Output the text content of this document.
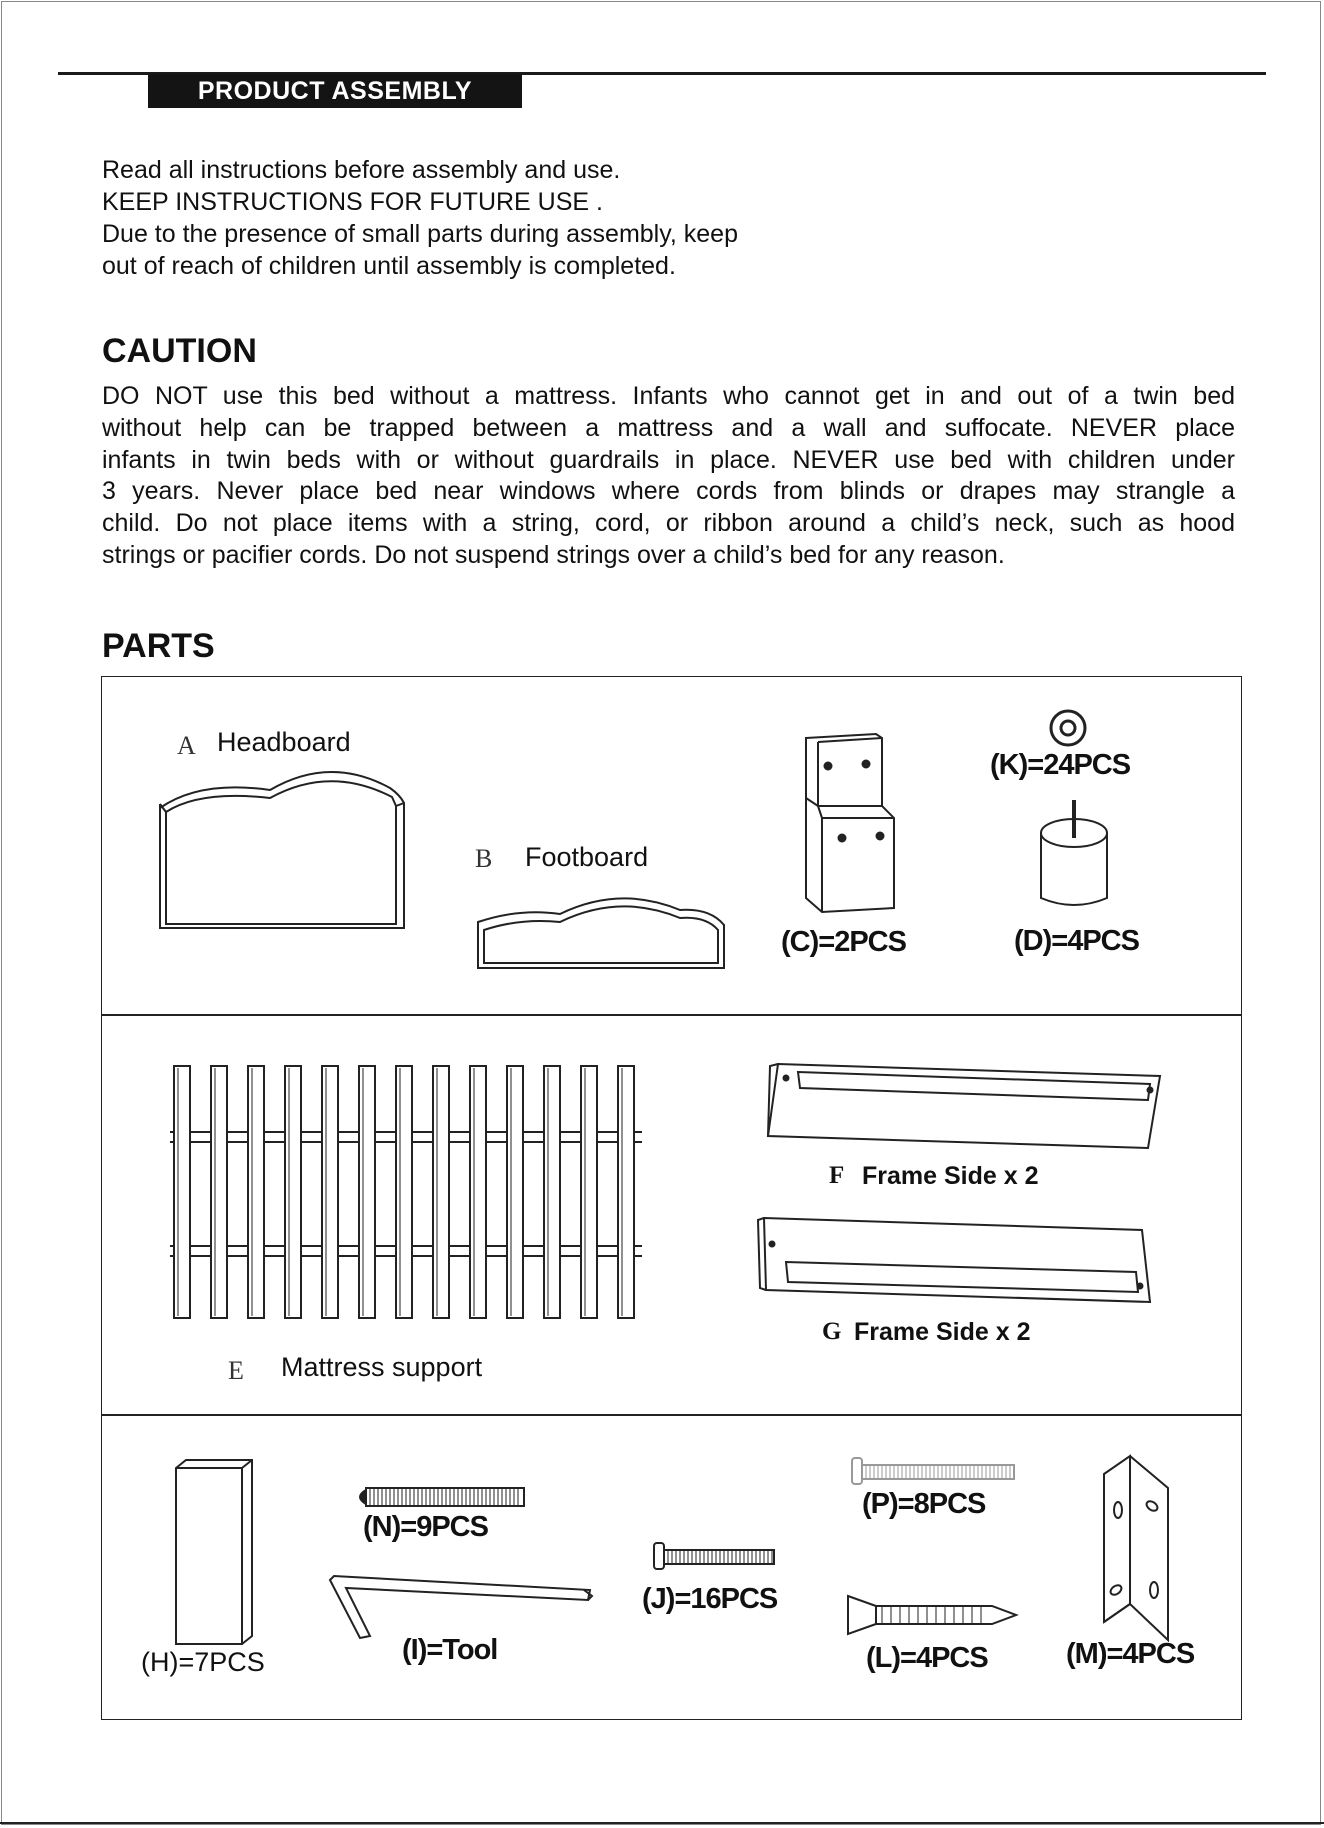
PRODUCT ASSEMBLY
Read all instructions before assembly and use.
KEEP INSTRUCTIONS FOR FUTURE USE .
Due to the presence of small parts during assembly, keep
out of reach of children until assembly is completed.
CAUTION
DO NOT use this bed without a mattress. Infants who cannot get in and out of a twin bed
without help can be trapped between a mattress and a wall and suffocate. NEVER place
infants in twin beds with or without guardrails in place. NEVER use bed with children under
3 years. Never place bed near windows where cords from blinds or drapes may strangle a
child. Do not place items with a string, cord, or ribbon around a child’s neck, such as hood
strings or pacifier cords. Do not suspend strings over a child’s bed for any reason.
PARTS
A Headboard
B Footboard
(C)=2PCS
(K)=24PCS
(D)=4PCS
E Mattress support
F Frame Side x 2
G Frame Side x 2
(H)=7PCS
(N)=9PCS
(I)=Tool
(J)=16PCS
(P)=8PCS
(L)=4PCS	(M)=4PCS
